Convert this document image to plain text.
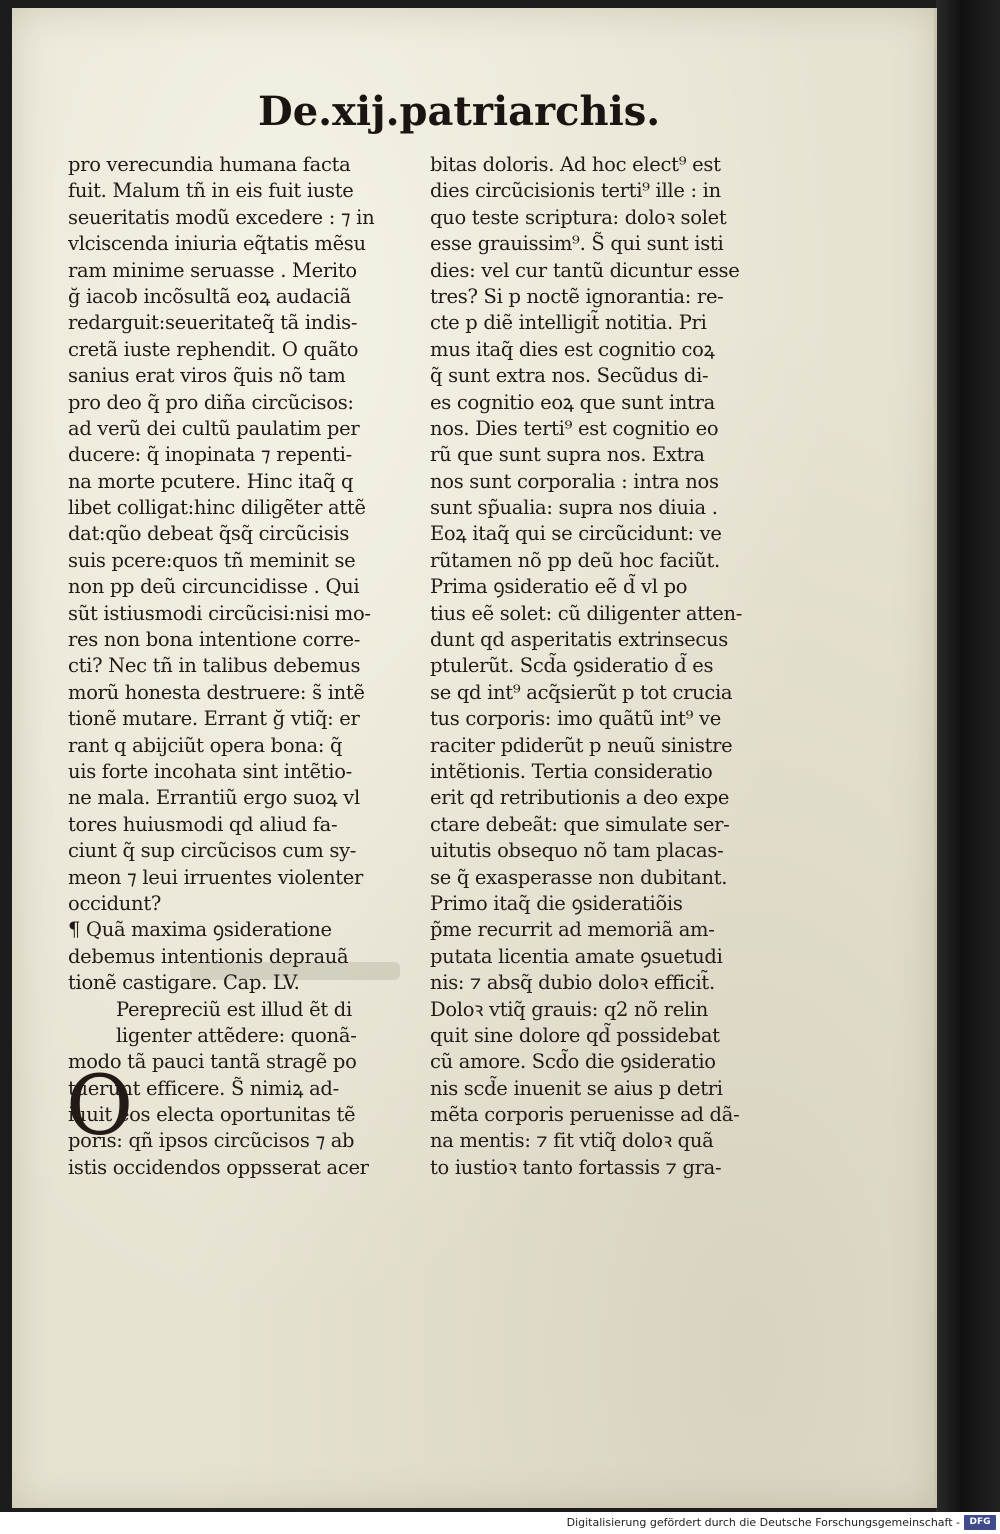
De.xij.patriarchis.
pro verecundia humana facta
fuit. Malum tñ in eis fuit iuste
seueritatis modũ excedere : ⁊ in
vlciscenda iniuria eq̃tatis mẽsu
ram minime seruasse . Merito
ğ iacob incõsultã eoꝝ audaciã
redarguit:seueritateq̃ tã indis-
cretã iuste rephendit. O quãto
sanius erat viros q̃uis nõ tam
pro deo q̃ pro diña circũcisos:
ad verũ dei cultũ paulatim per
ducere: q̃ inopinata ⁊ repenti-
na morte pcutere. Hinc itaq̃ q
libet colligat:hinc diligẽter attẽ
dat:qũo debeat q̃sq̃ circũcisis
suis pcere:quos tñ meminit se
non pp deũ circuncidisse . Qui
sũt istiusmodi circũcisi:nisi mo-
res non bona intentione corre-
cti? Nec tñ in talibus debemus
morũ honesta destruere: s̃ intẽ
tionẽ mutare. Errant ğ vtiq̃: er
rant q abijciũt opera bona: q̃
uis forte incohata sint intẽtio-
ne mala. Errantiũ ergo suoꝝ vl
tores huiusmodi qd aliud fa-
ciunt q̃ sup circũcisos cum sy-
meon ⁊ leui irruentes violenter
occidunt?
¶ Quã maxima ꝯsideratione
debemus intentionis deprauã
tionẽ castigare. Cap. LV.
Perepreciũ est illud ẽt di
ligenter attẽdere: quonã-
modo tã pauci tantã stragẽ po
tuerunt efficere. S̃ nimiꝝ ad-
iuuit eos electa oportunitas tẽ
poris: qñ ipsos circũcisos ⁊ ab
istis occidendos oppsserat acer
O
bitas doloris. Ad hoc elect⁹ est
dies circũcisionis terti⁹ ille : in
quo teste scriptura: doloꝛ solet
esse grauissim⁹. S̃ qui sunt isti
dies: vel cur tantũ dicuntur esse
tres? Si p noctẽ ignorantia: re-
cte p diẽ intelligit̃ notitia. Pri
mus itaq̃ dies est cognitio coꝝ
q̃ sunt extra nos. Secũdus di-
es cognitio eoꝝ que sunt intra
nos. Dies terti⁹ est cognitio eo
rũ que sunt supra nos. Extra
nos sunt corporalia : intra nos
sunt sp̃ualia: supra nos diuia .
Eoꝝ itaq̃ qui se circũcidunt: ve
rũtamen nõ pp deũ hoc faciũt.
Prima ꝯsideratio eẽ d̃ vl po
tius eẽ solet: cũ diligenter atten-
dunt qd asperitatis extrinsecus
ptulerũt. Scd̃a ꝯsideratio d̃ es
se qd int⁹ acq̃sierũt p tot crucia
tus corporis: imo quãtũ int⁹ ve
raciter pdiderũt p neuũ sinistre
intẽtionis. Tertia consideratio
erit qd retributionis a deo expe
ctare debeãt: que simulate ser-
uitutis obsequo nõ tam placas-
se q̃ exasperasse non dubitant.
Primo itaq̃ die ꝯsideratiõis
p̃me recurrit ad memoriã am-
putata licentia amate ꝯsuetudi
nis: ⁊ absq̃ dubio doloꝛ efficit̃.
Doloꝛ vtiq̃ grauis: q2 nõ relin
quit sine dolore qd̃ possidebat
cũ amore. Scd̃o die ꝯsideratio
nis scd̃e inuenit se aius p detri
mẽta corporis peruenisse ad dã-
na mentis: ⁊ fit vtiq̃ doloꝛ quã
to iustioꝛ tanto fortassis ⁊ gra-
Digitalisierung gefördert durch die Deutsche Forschungsgemeinschaft -	DFG
